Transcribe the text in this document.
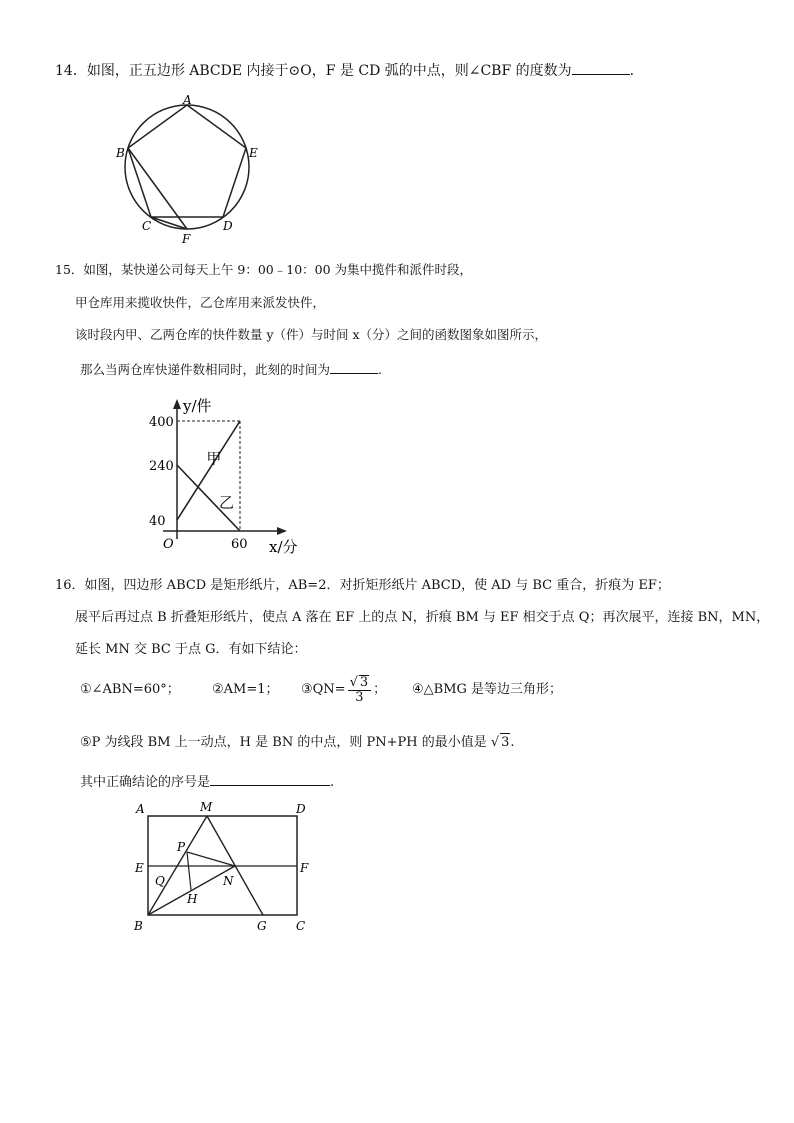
14．如图，正五边形 ABCDE 内接于⊙O，F 是 CD 弧的中点，则∠CBF 的度数为	.
A
B	E
C	D
F
15．如图，某快递公司每天上午 9：00﹣10：00 为集中揽件和派件时段，
甲仓库用来揽收快件，乙仓库用来派发快件，
该时段内甲、乙两仓库的快件数量 y（件）与时间 x（分）之间的函数图象如图所示，
那么当两仓库快递件数相同时，此刻的时间为	.
甲
乙
40
240
400
60
O
y/件
x/分
16．如图，四边形 ABCD 是矩形纸片，AB=2．对折矩形纸片 ABCD，使 AD 与 BC 重合，折痕为 EF；
展平后再过点 B 折叠矩形纸片，使点 A 落在 EF 上的点 N，折痕 BM 与 EF 相交于点 Q；再次展平，连接 BN，MN，
延长 MN 交 BC 于点 G．有如下结论：
①∠ABN=60°； ②AM=1； ③QN= $\frac{√ 3}{3}$ ； ④△BMG 是等边三角形；
⑤P 为线段 BM 上一动点，H 是 BN 的中点，则 PN+PH 的最小值是 √ 3.
其中正确结论的序号是	.
A	M	D
P
E	F
Q	N
H
B	G C
